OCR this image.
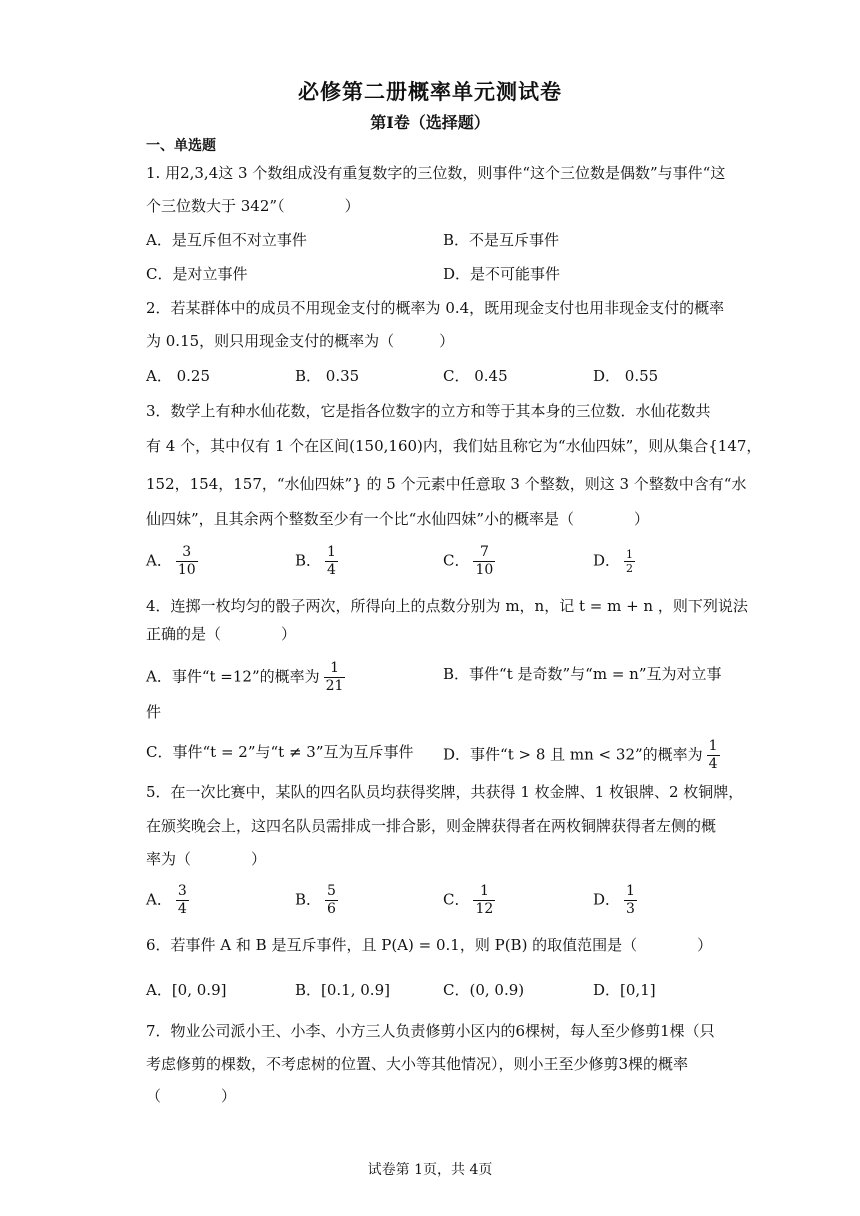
必修第二册概率单元测试卷
第I卷（选择题）
一、单选题
1. 用2,3,4这 3 个数组成没有重复数字的三位数，则事件“这个三位数是偶数”与事件“这
个三位数大于 342”（　　　　）
A．是互斥但不对立事件	B．不是互斥事件
C．是对立事件	D．是不可能事件
2．若某群体中的成员不用现金支付的概率为 0.4，既用现金支付也用非现金支付的概率
为 0.15，则只用现金支付的概率为（　　　）
A． 0.25	B． 0.35	C． 0.45	D． 0.55
3．数学上有种水仙花数，它是指各位数字的立方和等于其本身的三位数．水仙花数共
有 4 个，其中仅有 1 个在区间(150,160)内，我们姑且称它为“水仙四妹”，则从集合{147，
152，154，157，“水仙四妹”} 的 5 个元素中任意取 3 个整数，则这 3 个整数中含有“水
仙四妹”，且其余两个整数至少有一个比“水仙四妹”小的概率是（　　　　）
A． $\frac{3}{10}$	B． $\frac{1}{4}$	C． $\frac{7}{10}$	D． $\frac{1}{2}$
4．连掷一枚均匀的骰子两次，所得向上的点数分别为 m，n，记 t = m + n ，则下列说法
正确的是（　　　　）
A．事件“t =12”的概率为 $\frac{1}{21}$	B．事件“t 是奇数”与“m = n”互为对立事
件
C．事件“t = 2”与“t ≠ 3”互为互斥事件 D．事件“t > 8 且 mn < 32”的概率为 $\frac{1}{4}$
5．在一次比赛中，某队的四名队员均获得奖牌，共获得 1 枚金牌、1 枚银牌、2 枚铜牌，
在颁奖晚会上，这四名队员需排成一排合影，则金牌获得者在两枚铜牌获得者左侧的概
率为（　　　　）
A． $\frac{3}{4}$	B． $\frac{5}{6}$	C． $\frac{1}{12}$	D． $\frac{1}{3}$
6．若事件 A 和 B 是互斥事件，且 P(A) = 0.1，则 P(B) 的取值范围是（　　　　）
A．[0, 0.9]	B．[0.1, 0.9]	C．(0, 0.9)	D．[0,1]
7．物业公司派小王、小李、小方三人负责修剪小区内的6棵树，每人至少修剪1棵（只
考虑修剪的棵数，不考虑树的位置、大小等其他情况），则小王至少修剪3棵的概率
（　　　　）
试卷第 1页，共 4页
